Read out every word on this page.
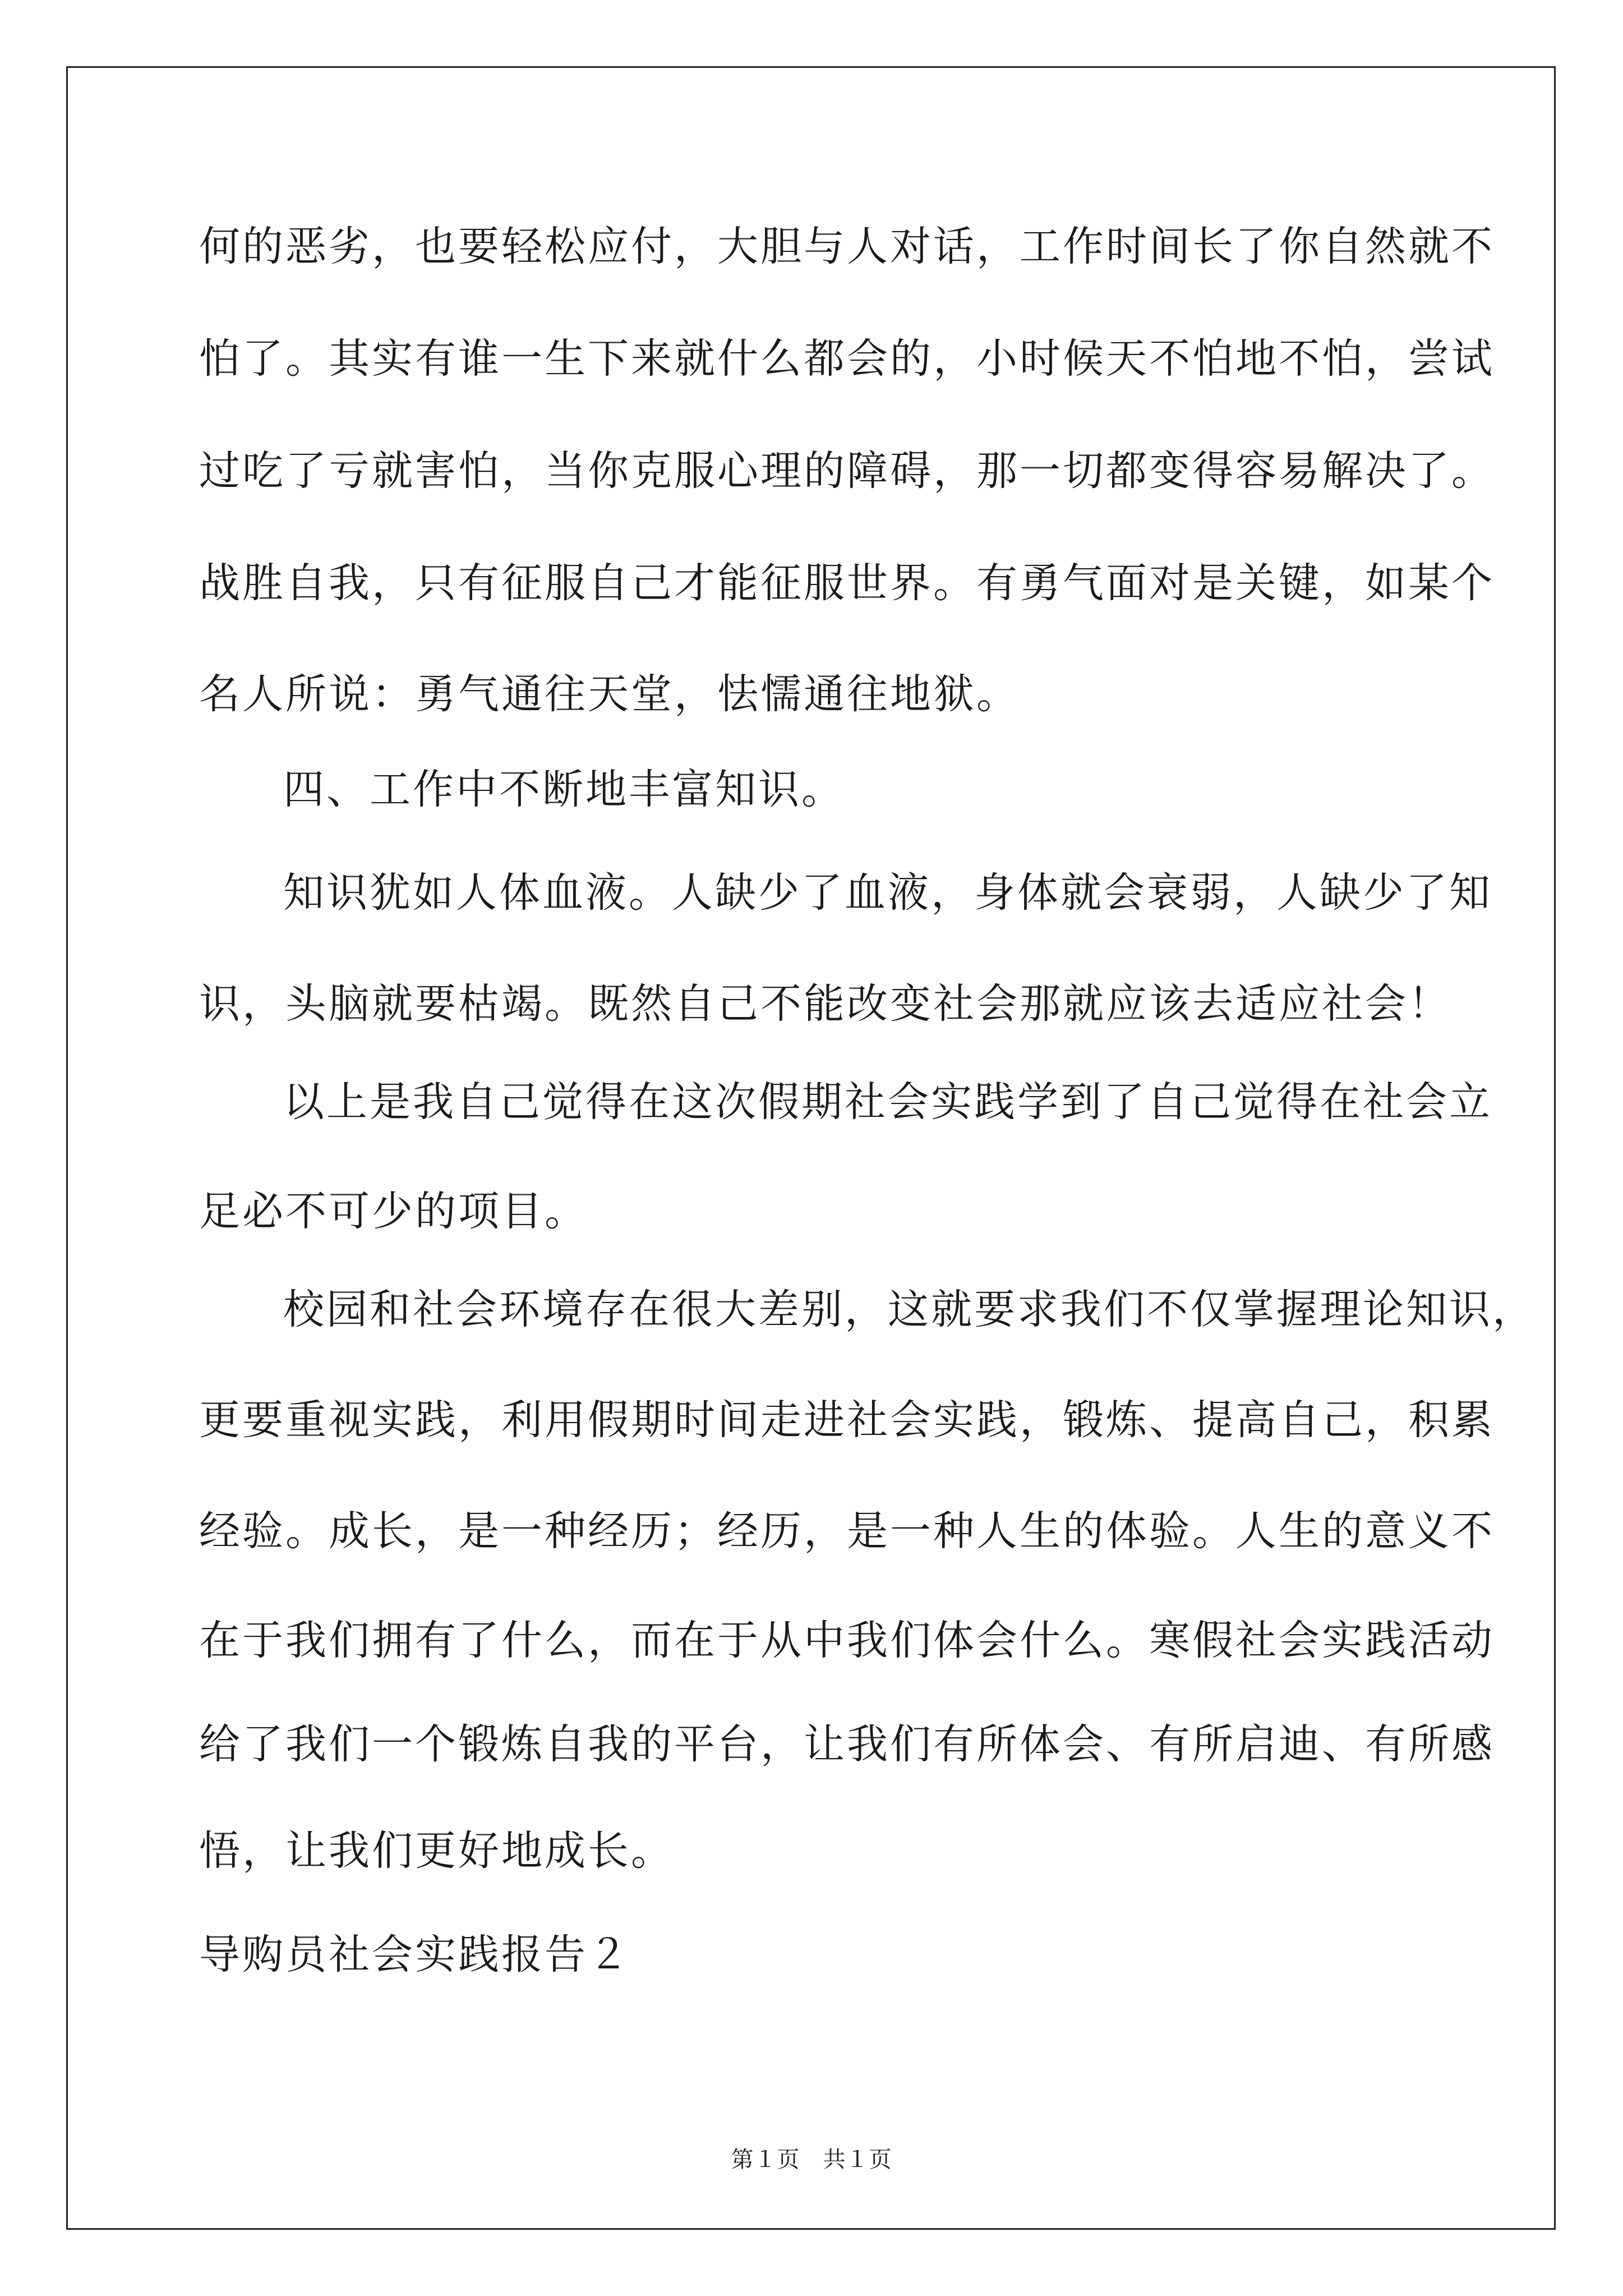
何的恶劣，也要轻松应付，大胆与人对话，工作时间长了你自然就不
怕了。其实有谁一生下来就什么都会的，小时候天不怕地不怕，尝试
过吃了亏就害怕，当你克服心理的障碍，那一切都变得容易解决了。
战胜自我，只有征服自己才能征服世界。有勇气面对是关键，如某个
名人所说：勇气通往天堂，怯懦通往地狱。
四、工作中不断地丰富知识。
知识犹如人体血液。人缺少了血液，身体就会衰弱，人缺少了知
识，头脑就要枯竭。既然自己不能改变社会那就应该去适应社会！
以上是我自己觉得在这次假期社会实践学到了自己觉得在社会立
足必不可少的项目。
校园和社会环境存在很大差别，这就要求我们不仅掌握理论知识，
更要重视实践，利用假期时间走进社会实践，锻炼、提高自己，积累
经验。成长，是一种经历；经历，是一种人生的体验。人生的意义不
在于我们拥有了什么，而在于从中我们体会什么。寒假社会实践活动
给了我们一个锻炼自我的平台，让我们有所体会、有所启迪、有所感
悟，让我们更好地成长。
导购员社会实践报告２
第１页　共１页
